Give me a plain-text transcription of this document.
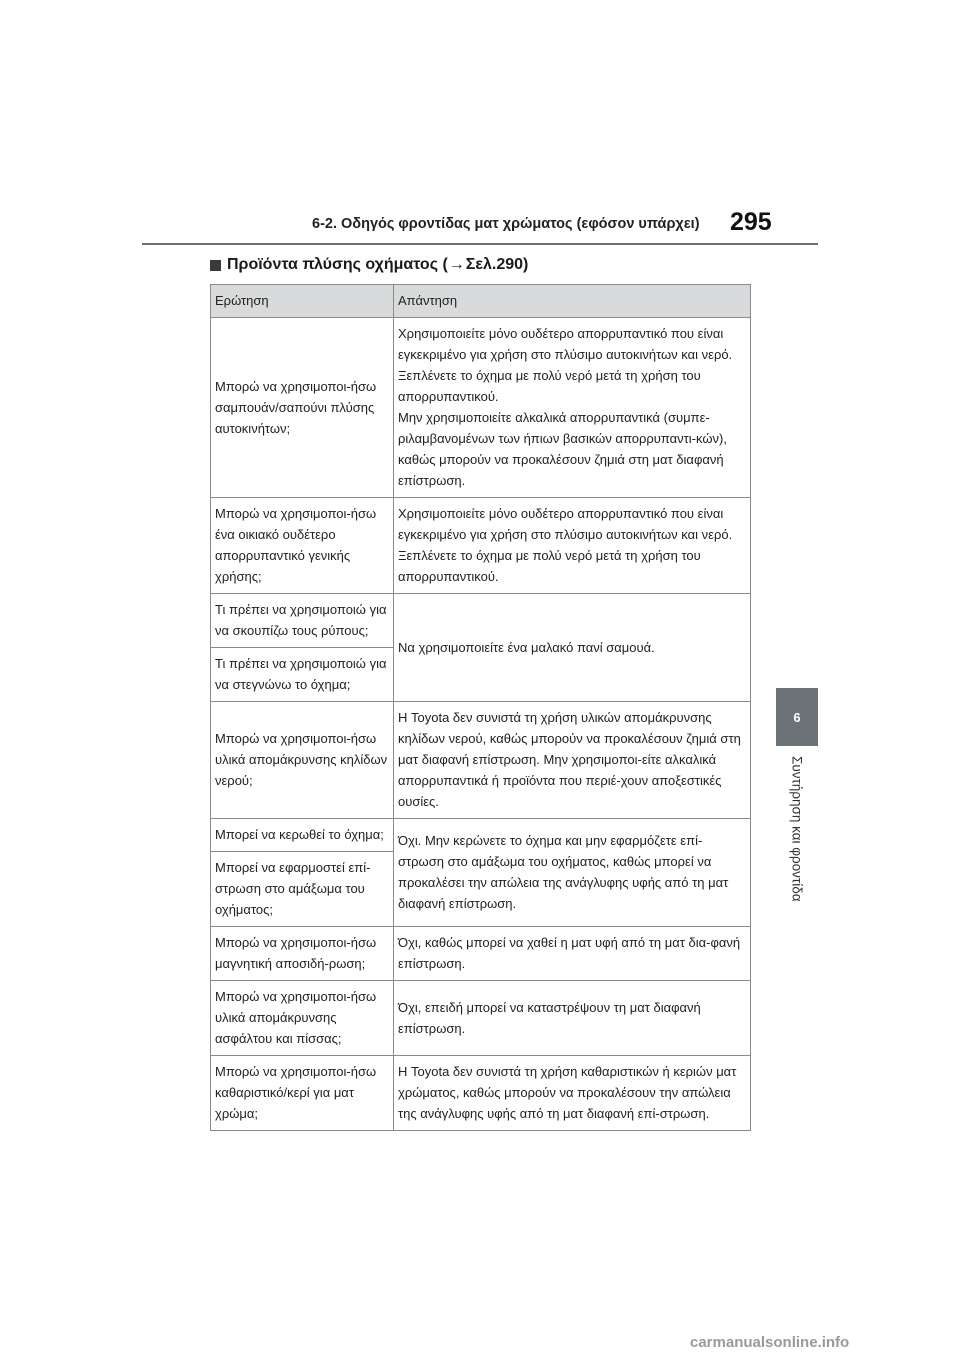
6-2. Οδηγός φροντίδας ματ χρώματος (εφόσον υπάρχει) 295
Προϊόντα πλύσης οχήματος ( → Σελ.290)
Ερώτηση	Απάντηση
Μπορώ να χρησιμοποι-ήσω σαμπουάν/σαπούνι πλύσης αυτοκινήτων;	Χρησιμοποιείτε μόνο ουδέτερο απορρυπαντικό που είναι εγκεκριμένο για χρήση στο πλύσιμο αυτοκινήτων και νερό. Ξεπλένετε το όχημα με πολύ νερό μετά τη χρήση του απορρυπαντικού.
Μην χρησιμοποιείτε αλκαλικά απορρυπαντικά (συμπε-ριλαμβανομένων των ήπιων βασικών απορρυπαντι-κών), καθώς μπορούν να προκαλέσουν ζημιά στη ματ διαφανή επίστρωση.

Μπορώ να χρησιμοποι-ήσω ένα οικιακό ουδέτερο απορρυπαντικό γενικής χρήσης;	Χρησιμοποιείτε μόνο ουδέτερο απορρυπαντικό που είναι εγκεκριμένο για χρήση στο πλύσιμο αυτοκινήτων και νερό. Ξεπλένετε το όχημα με πολύ νερό μετά τη χρήση του απορρυπαντικού.
Τι πρέπει να χρησιμοποιώ για να σκουπίζω τους ρύπους;	Να χρησιμοποιείτε ένα μαλακό πανί σαμουά.
Τι πρέπει να χρησιμοποιώ για να στεγνώνω το όχημα;	
Μπορώ να χρησιμοποι-ήσω υλικά απομάκρυνσης κηλίδων νερού;	Η Toyota δεν συνιστά τη χρήση υλικών απομάκρυνσης κηλίδων νερού, καθώς μπορούν να προκαλέσουν ζημιά στη ματ διαφανή επίστρωση. Μην χρησιμοποι-είτε αλκαλικά απορρυπαντικά ή προϊόντα που περιέ-χουν αποξεστικές ουσίες.
Μπορεί να κερωθεί το όχημα;	Όχι. Μην κερώνετε το όχημα και μην εφαρμόζετε επί-στρωση στο αμάξωμα του οχήματος, καθώς μπορεί να προκαλέσει την απώλεια της ανάγλυφης υφής από τη ματ διαφανή επίστρωση.
Μπορεί να εφαρμοστεί επί-στρωση στο αμάξωμα του οχήματος;	
Μπορώ να χρησιμοποι-ήσω μαγνητική αποσιδή-ρωση;	Όχι, καθώς μπορεί να χαθεί η ματ υφή από τη ματ δια-φανή επίστρωση.
Μπορώ να χρησιμοποι-ήσω υλικά απομάκρυνσης ασφάλτου και πίσσας;	Όχι, επειδή μπορεί να καταστρέψουν τη ματ διαφανή επίστρωση.
Μπορώ να χρησιμοποι-ήσω καθαριστικό/κερί για ματ χρώμα;	Η Toyota δεν συνιστά τη χρήση καθαριστικών ή κεριών ματ χρώματος, καθώς μπορούν να προκαλέσουν την απώλεια της ανάγλυφης υφής από τη ματ διαφανή επί-στρωση.
6
Συντήρηση και φροντίδα
carmanualsonline.info
